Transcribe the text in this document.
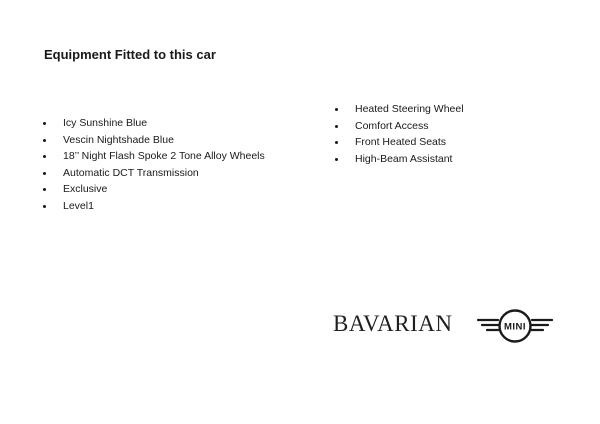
Equipment Fitted to this car
Icy Sunshine Blue
Vescin Nightshade Blue
18’’ Night Flash Spoke 2 Tone Alloy Wheels
Automatic DCT Transmission
Exclusive
Level1
Heated Steering Wheel
Comfort Access
Front Heated Seats
High-Beam Assistant
BAVARIAN	MINI
